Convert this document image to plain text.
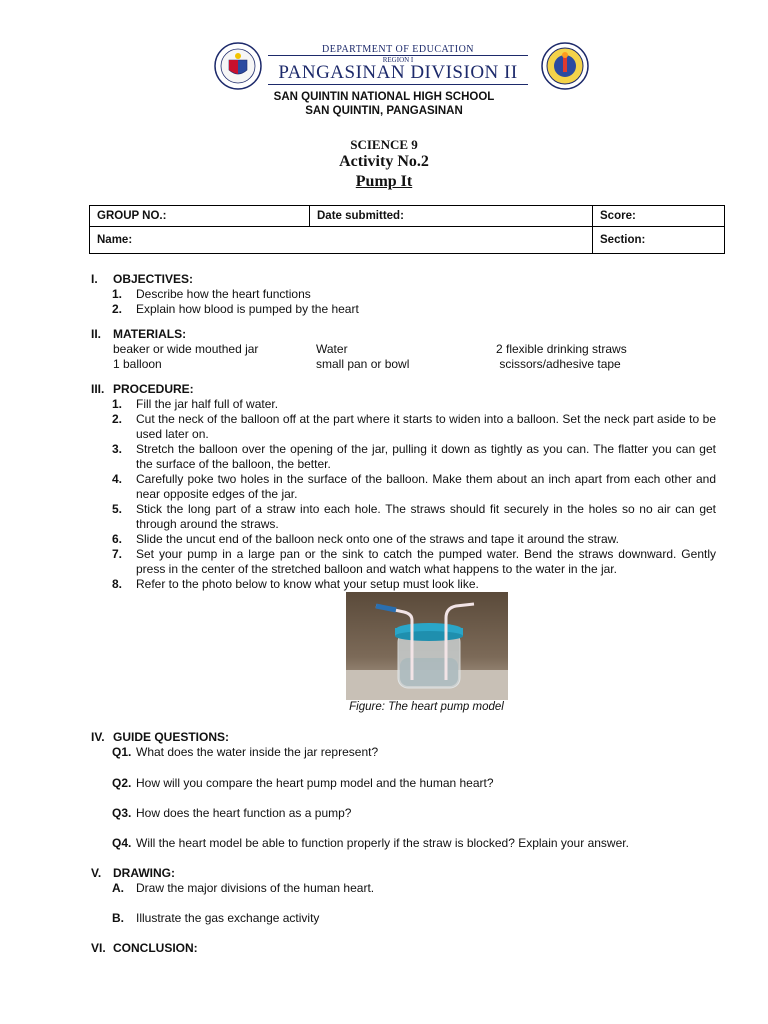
DEPARTMENT OF EDUCATION
REGION I
PANGASINAN DIVISION II
SAN QUINTIN NATIONAL HIGH SCHOOL
SAN QUINTIN, PANGASINAN
SCIENCE 9
Activity No.2
Pump It
GROUP NO.:	Date submitted:	Score:
Name:		Section:
I.	OBJECTIVES:
1.	Describe how the heart functions
2.	Explain how blood is pumped by the heart
II. MATERIALS:
beaker or wide mouthed jar	Water	2 flexible drinking straws
1 balloon	small pan or bowl	scissors/adhesive tape
III. PROCEDURE:
1.	Fill the jar half full of water.
2.	Cut the neck of the balloon off at the part where it starts to widen into a balloon. Set the neck part aside to be used later on.
3.	Stretch the balloon over the opening of the jar, pulling it down as tightly as you can. The flatter you can get the surface of the balloon, the better.
4.	Carefully poke two holes in the surface of the balloon. Make them about an inch apart from each other and near opposite edges of the jar.
5.	Stick the long part of a straw into each hole. The straws should fit securely in the holes so no air can get through around the straws.
6.	Slide the uncut end of the balloon neck onto one of the straws and tape it around the straw.
7.	Set your pump in a large pan or the sink to catch the pumped water. Bend the straws downward. Gently press in the center of the stretched balloon and watch what happens to the water in the jar.
8.	Refer to the photo below to know what your setup must look like.
Figure: The heart pump model
IV. GUIDE QUESTIONS:
Q1. What does the water inside the jar represent?
Q2. How will you compare the heart pump model and the human heart?
Q3. How does the heart function as a pump?
Q4. Will the heart model be able to function properly if the straw is blocked? Explain your answer.
V. DRAWING:
A.	Draw the major divisions of the human heart.
B.	Illustrate the gas exchange activity
VI. CONCLUSION:
